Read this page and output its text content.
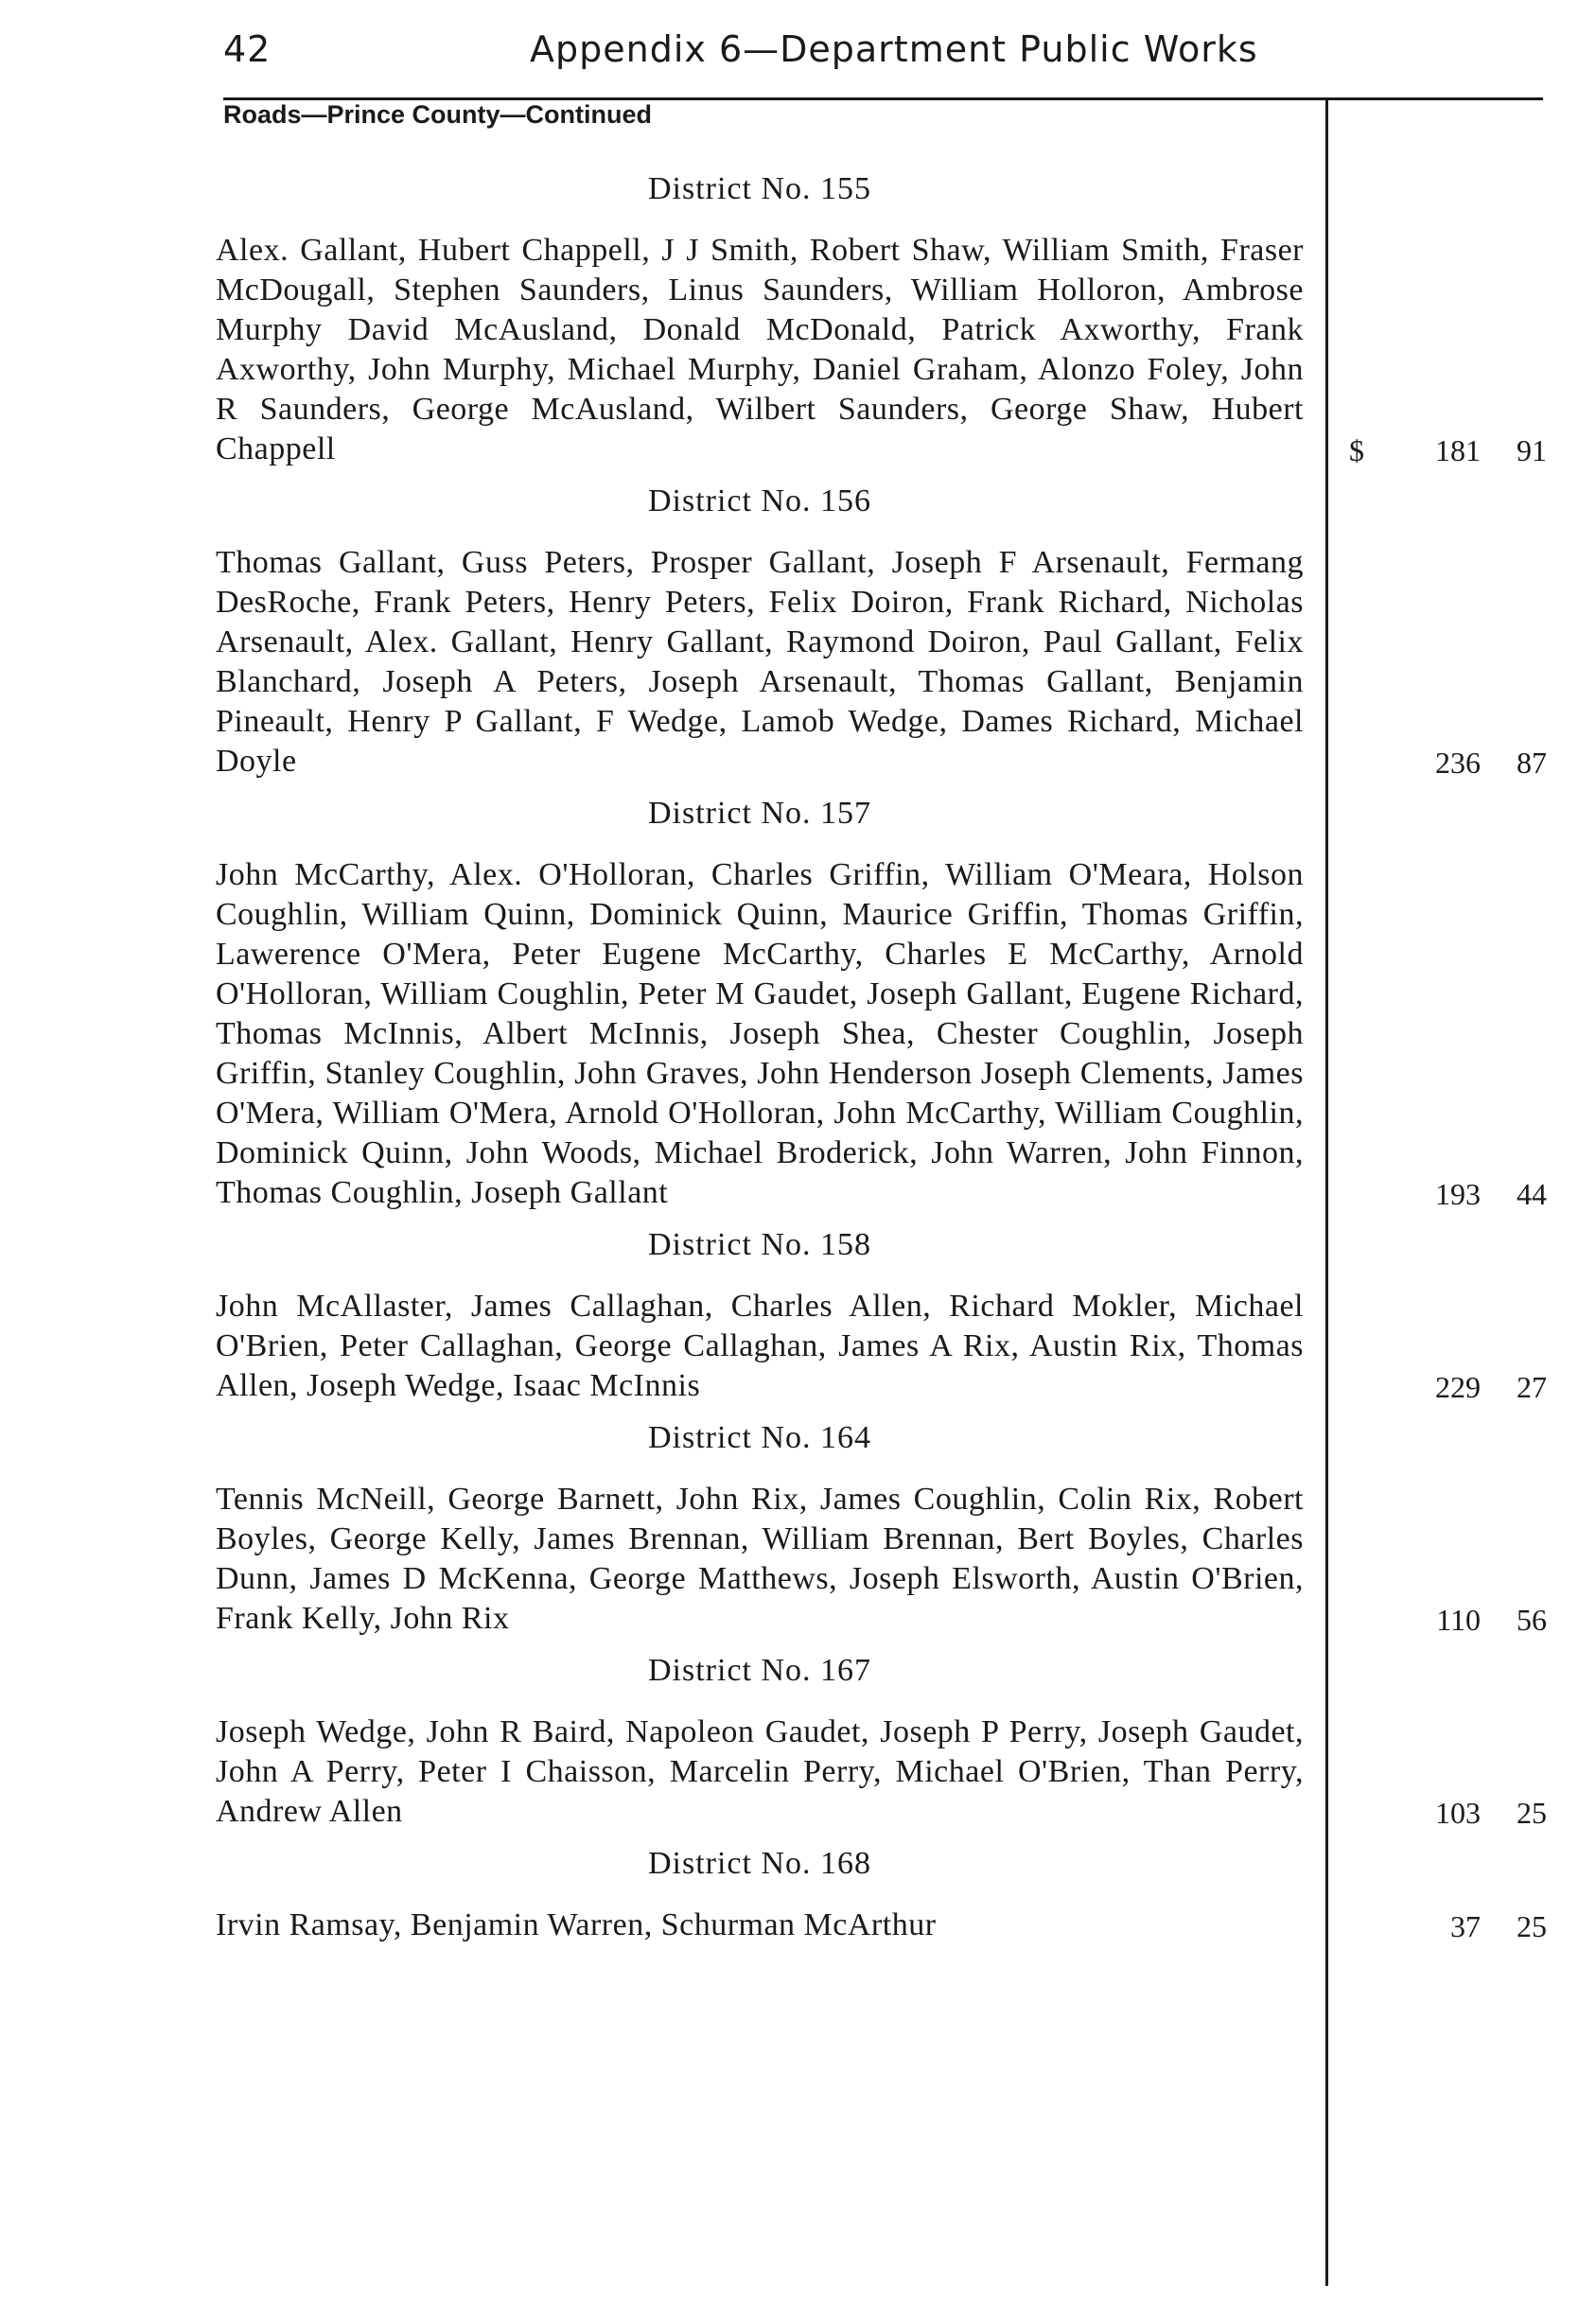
42	Appendix 6—Department Public Works
Roads—Prince County—Continued
District No. 155
Alex. Gallant, Hubert Chappell, J J Smith, Robert Shaw, William Smith, Fraser McDougall, Stephen Saunders, Linus Saunders, William Holloron, Ambrose Murphy David McAusland, Donald McDonald, Patrick Axworthy, Frank Axworthy, John Murphy, Michael Murphy, Daniel Graham, Alonzo Foley, John R Saunders, George McAusland, Wilbert Saunders, George Shaw, Hubert Chappell
District No. 156
Thomas Gallant, Guss Peters, Prosper Gallant, Joseph F Arsenault, Fermang DesRoche, Frank Peters, Henry Peters, Felix Doiron, Frank Richard, Nicholas Arsenault, Alex. Gallant, Henry Gallant, Raymond Doiron, Paul Gallant, Felix Blanchard, Joseph A Peters, Joseph Arsenault, Thomas Gallant, Benjamin Pineault, Henry P Gallant, F Wedge, Lamob Wedge, Dames Richard, Michael Doyle
District No. 157
John McCarthy, Alex. O'Holloran, Charles Griffin, William O'Meara, Holson Coughlin, William Quinn, Dominick Quinn, Maurice Griffin, Thomas Griffin, Lawerence O'Mera, Peter Eugene McCarthy, Charles E McCarthy, Arnold O'Holloran, William Coughlin, Peter M Gaudet, Joseph Gallant, Eugene Richard, Thomas McInnis, Albert McInnis, Joseph Shea, Chester Coughlin, Joseph Griffin, Stanley Coughlin, John Graves, John Henderson Joseph Clements, James O'Mera, William O'Mera, Arnold O'Holloran, John McCarthy, William Coughlin, Dominick Quinn, John Woods, Michael Broderick, John Warren, John Finnon, Thomas Coughlin, Joseph Gallant
District No. 158
John McAllaster, James Callaghan, Charles Allen, Richard Mokler, Michael O'Brien, Peter Callaghan, George Callaghan, James A Rix, Austin Rix, Thomas Allen, Joseph Wedge, Isaac McInnis
District No. 164
Tennis McNeill, George Barnett, John Rix, James Coughlin, Colin Rix, Robert Boyles, George Kelly, James Brennan, William Brennan, Bert Boyles, Charles Dunn, James D McKenna, George Matthews, Joseph Elsworth, Austin O'Brien, Frank Kelly, John Rix
District No. 167
Joseph Wedge, John R Baird, Napoleon Gaudet, Joseph P Perry, Joseph Gaudet, John A Perry, Peter I Chaisson, Marcelin Perry, Michael O'Brien, Than Perry, Andrew Allen
District No. 168
Irvin Ramsay, Benjamin Warren, Schurman McArthur
$ 181 91
236 87
193 44
229 27
110 56
103 25
37 25
